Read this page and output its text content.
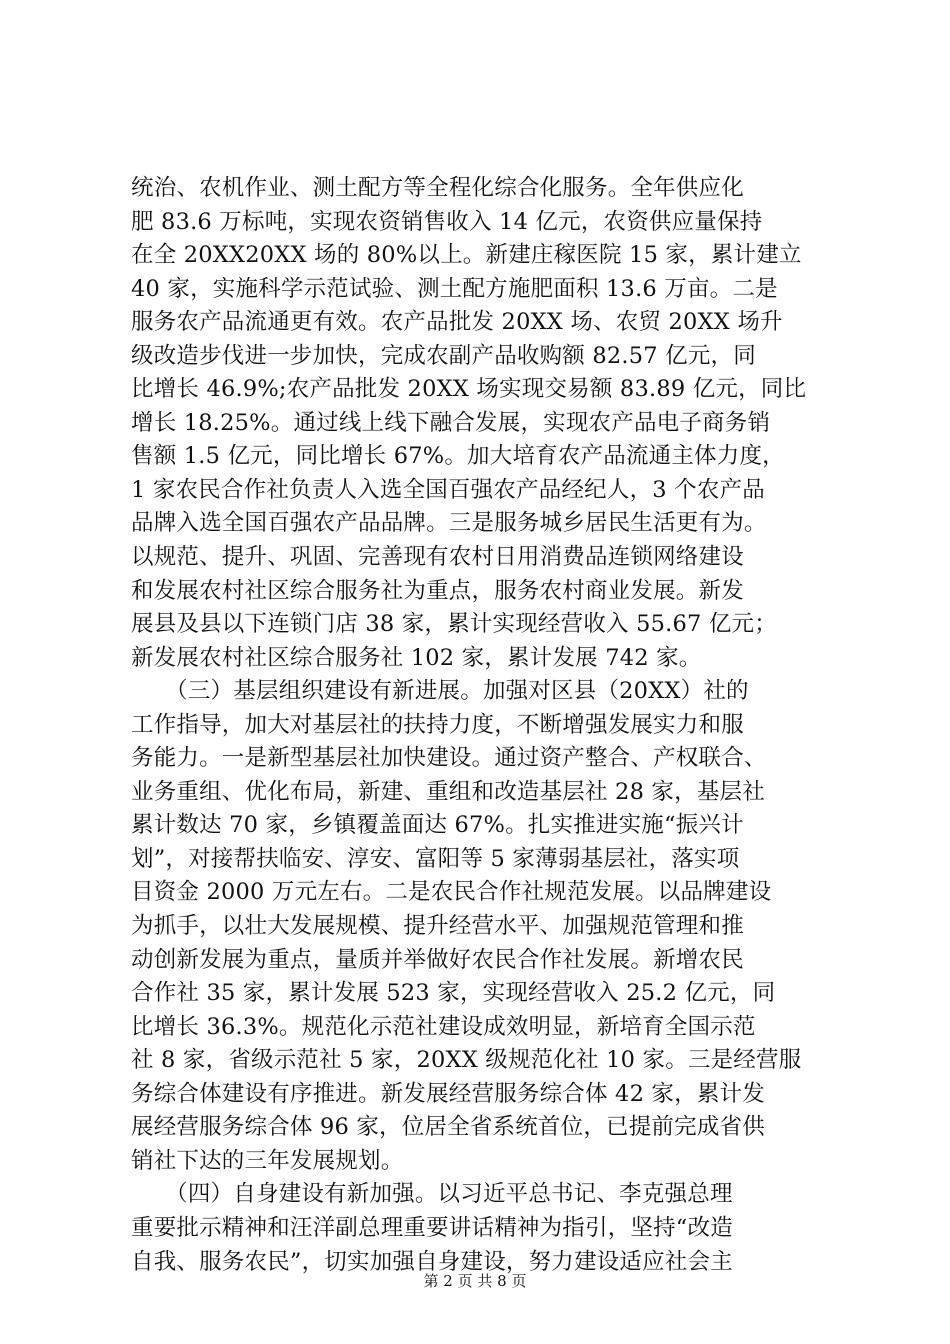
统治、农机作业、测土配方等全程化综合化服务。全年供应化
肥 83.6 万标吨，实现农资销售收入 14 亿元，农资供应量保持
在全 20XX20XX 场的 80%以上。新建庄稼医院 15 家，累计建立
40 家，实施科学示范试验、测土配方施肥面积 13.6 万亩。二是
服务农产品流通更有效。农产品批发 20XX 场、农贸 20XX 场升
级改造步伐进一步加快，完成农副产品收购额 82.57 亿元，同
比增长 46.9%;农产品批发 20XX 场实现交易额 83.89 亿元，同比
增长 18.25%。通过线上线下融合发展，实现农产品电子商务销
售额 1.5 亿元，同比增长 67%。加大培育农产品流通主体力度，
1 家农民合作社负责人入选全国百强农产品经纪人，3 个农产品
品牌入选全国百强农产品品牌。三是服务城乡居民生活更有为。
以规范、提升、巩固、完善现有农村日用消费品连锁网络建设
和发展农村社区综合服务社为重点，服务农村商业发展。新发
展县及县以下连锁门店 38 家，累计实现经营收入 55.67 亿元；
新发展农村社区综合服务社 102 家，累计发展 742 家。
　　（三）基层组织建设有新进展。加强对区县（20XX）社的
工作指导，加大对基层社的扶持力度，不断增强发展实力和服
务能力。一是新型基层社加快建设。通过资产整合、产权联合、
业务重组、优化布局，新建、重组和改造基层社 28 家，基层社
累计数达 70 家，乡镇覆盖面达 67%。扎实推进实施“振兴计
划”，对接帮扶临安、淳安、富阳等 5 家薄弱基层社，落实项
目资金 2000 万元左右。二是农民合作社规范发展。以品牌建设
为抓手，以壮大发展规模、提升经营水平、加强规范管理和推
动创新发展为重点，量质并举做好农民合作社发展。新增农民
合作社 35 家，累计发展 523 家，实现经营收入 25.2 亿元，同
比增长 36.3%。规范化示范社建设成效明显，新培育全国示范
社 8 家，省级示范社 5 家，20XX 级规范化社 10 家。三是经营服
务综合体建设有序推进。新发展经营服务综合体 42 家，累计发
展经营服务综合体 96 家，位居全省系统首位，已提前完成省供
销社下达的三年发展规划。
　　（四）自身建设有新加强。以习近平总书记、李克强总理
重要批示精神和汪洋副总理重要讲话精神为指引，坚持“改造
自我、服务农民”，切实加强自身建设，努力建设适应社会主
第 2 页 共 8 页
